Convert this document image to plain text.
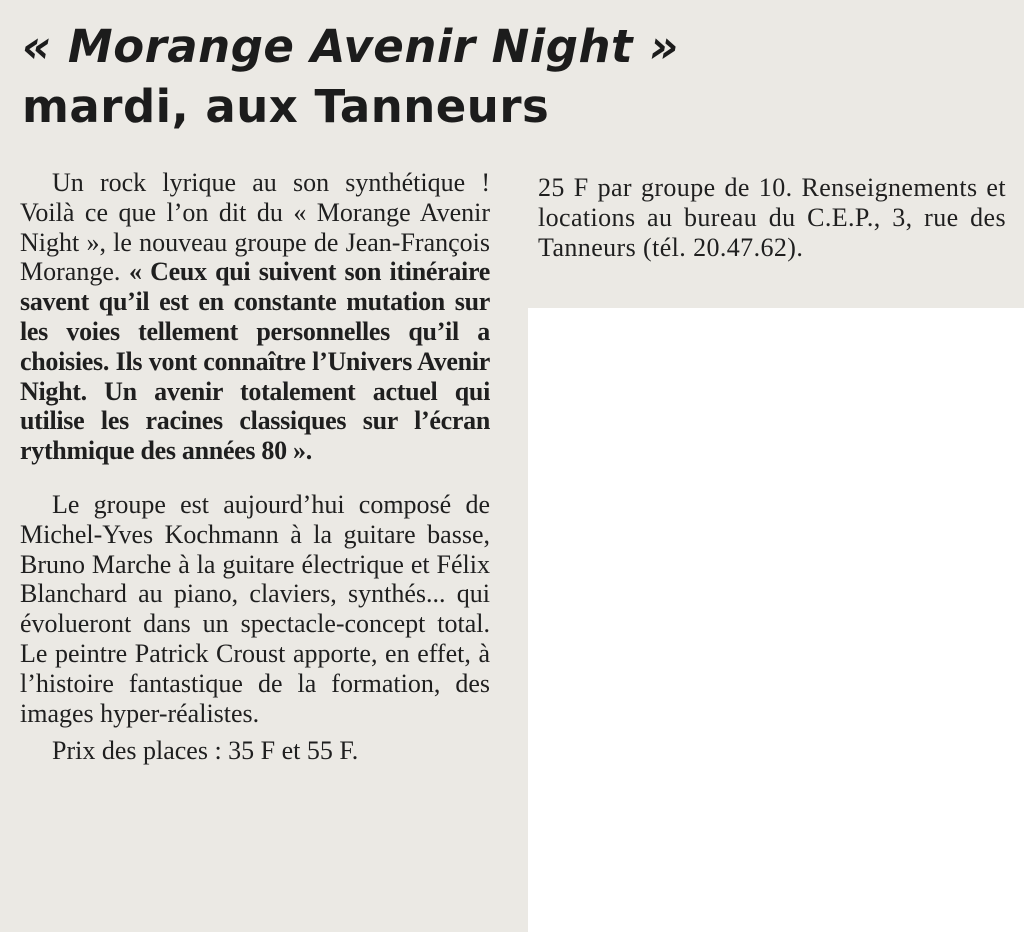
« Morange Avenir Night »
mardi, aux Tanneurs

Un rock lyrique au son synthétique ! Voilà ce que l’on dit du « Morange Avenir Night », le nouveau groupe de Jean-François Morange. « Ceux qui suivent son itinéraire savent qu’il est en constante mutation sur les voies tellement personnelles qu’il a choisies. Ils vont connaître l’Univers Avenir Night. Un avenir totalement actuel qui utilise les racines classiques sur l’écran rythmique des années 80 ».

Le groupe est aujourd’hui composé de Michel-Yves Kochmann à la guitare basse, Bruno Marche à la guitare électrique et Félix Blanchard au piano, claviers, synthés... qui évolueront dans un spectacle-concept total. Le peintre Patrick Croust apporte, en effet, à l’histoire fantastique de la formation, des images hyper-réalistes.

Prix des places : 35 F et 55 F.

25 F par groupe de 10. Renseignements et locations au bureau du C.E.P., 3, rue des Tanneurs (tél. 20.47.62).
